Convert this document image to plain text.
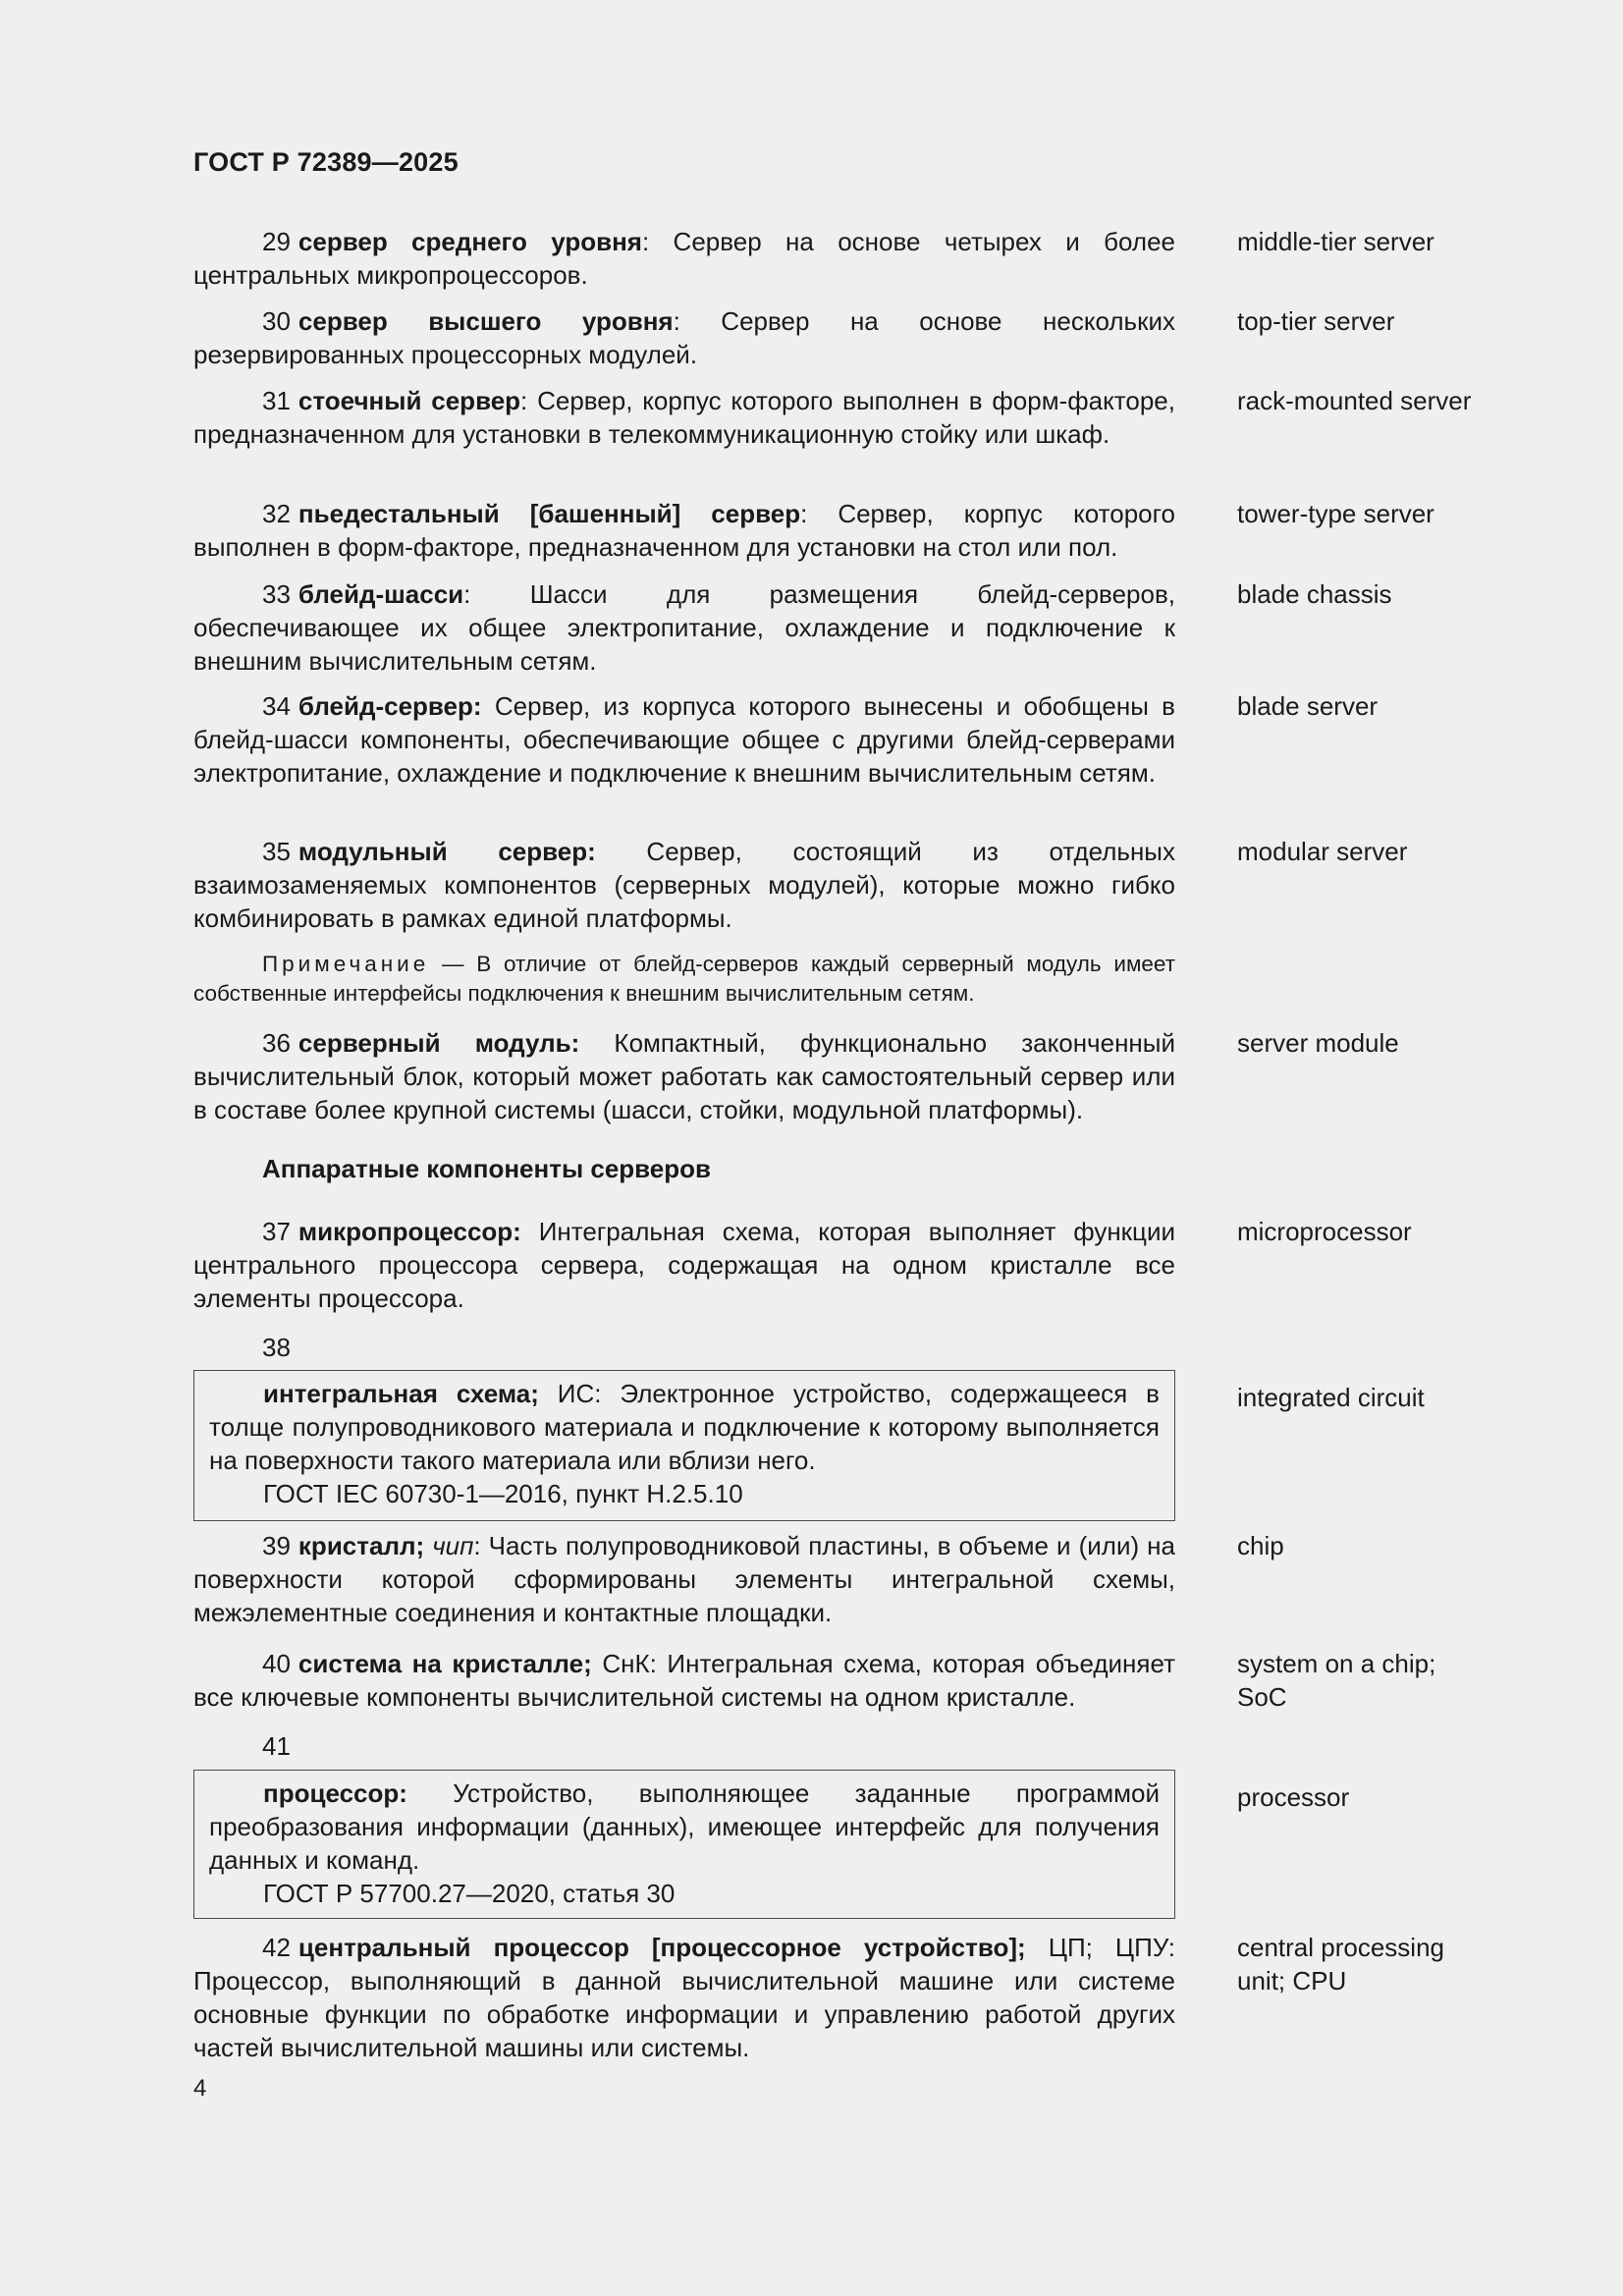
ГОСТ Р 72389—2025
29 сервер среднего уровня: Сервер на основе четырех и более центральных микропроцессоров.
middle-tier server
30 сервер высшего уровня: Сервер на основе нескольких резервированных процессорных модулей.
top-tier server
31 стоечный сервер: Сервер, корпус которого выполнен в форм-факторе, предназначенном для установки в телекоммуникационную стойку или шкаф.
rack-mounted server
32 пьедестальный [башенный] сервер: Сервер, корпус которого выполнен в форм-факторе, предназначенном для установки на стол или пол.
tower-type server
33 блейд-шасси: Шасси для размещения блейд-серверов, обеспечивающее их общее электропитание, охлаждение и подключение к внешним вычислительным сетям.
blade chassis
34 блейд-сервер: Сервер, из корпуса которого вынесены и обобщены в блейд-шасси компоненты, обеспечивающие общее с другими блейд-серверами электропитание, охлаждение и подключение к внешним вычислительным сетям.
blade server
35 модульный сервер: Сервер, состоящий из отдельных взаимозаменяемых компонентов (серверных модулей), которые можно гибко комбинировать в рамках единой платформы.
modular server
Примечание — В отличие от блейд-серверов каждый серверный модуль имеет собственные интерфейсы подключения к внешним вычислительным сетям.
36 серверный модуль: Компактный, функционально законченный вычислительный блок, который может работать как самостоятельный сервер или в составе более крупной системы (шасси, стойки, модульной платформы).
server module
Аппаратные компоненты серверов
37 микропроцессор: Интегральная схема, которая выполняет функции центрального процессора сервера, содержащая на одном кристалле все элементы процессора.
microprocessor
38
интегральная схема; ИС: Электронное устройство, содержащееся в толще полупроводникового материала и подключение к которому выполняется на поверхности такого материала или вблизи него.
ГОСТ IEC 60730-1—2016, пункт Н.2.5.10
integrated circuit
39 кристалл; чип: Часть полупроводниковой пластины, в объеме и (или) на поверхности которой сформированы элементы интегральной схемы, межэлементные соединения и контактные площадки.
chip
40 система на кристалле; СнК: Интегральная схема, которая объединяет все ключевые компоненты вычислительной системы на одном кристалле.
system on a chip;
SoC
41
процессор: Устройство, выполняющее заданные программой преобразования информации (данных), имеющее интерфейс для получения данных и команд.
ГОСТ Р 57700.27—2020, статья 30
processor
42 центральный процессор [процессорное устройство]; ЦП; ЦПУ: Процессор, выполняющий в данной вычислительной машине или системе основные функции по обработке информации и управлению работой других частей вычислительной машины или системы.
central processing
unit; CPU
4
